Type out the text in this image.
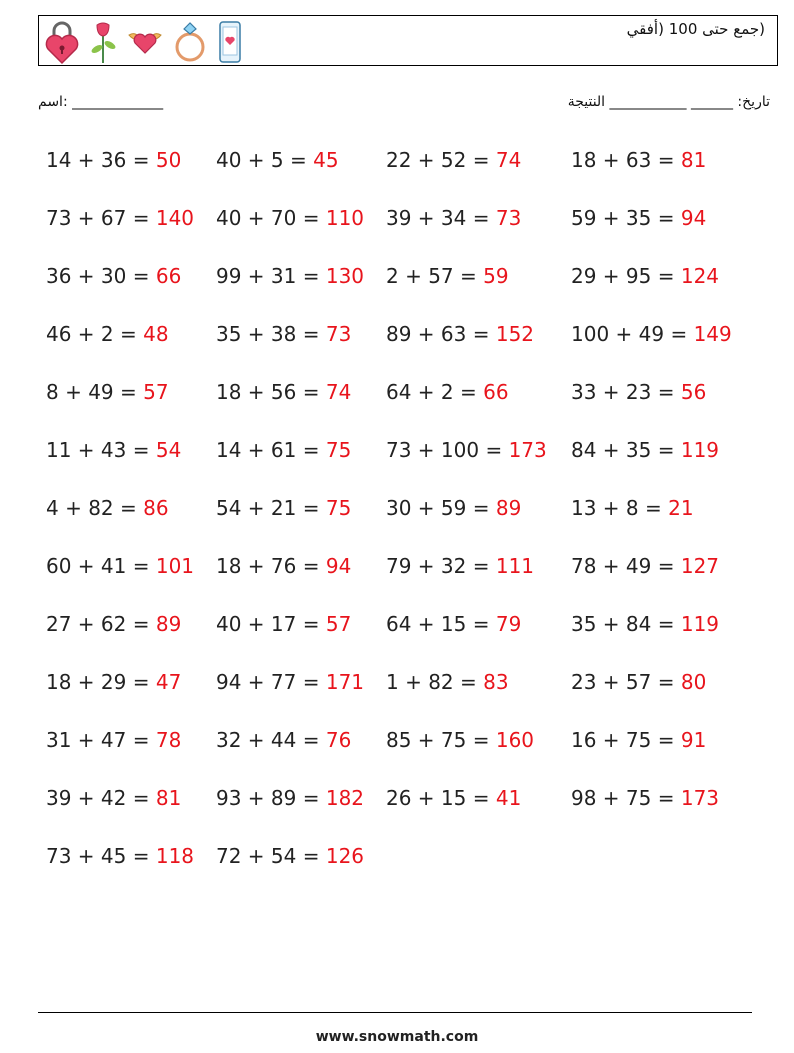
(جمع حتى 100 (أفقي
اسم: _____________	تاريخ: ______ ___________ النتيجة
14 + 36 = 50 40 + 5 = 45 22 + 52 = 74 18 + 63 = 81
73 + 67 = 140 40 + 70 = 110 39 + 34 = 73 59 + 35 = 94
36 + 30 = 66 99 + 31 = 130 2 + 57 = 59	29 + 95 = 124
46 + 2 = 48 35 + 38 = 73 89 + 63 = 152 100 + 49 = 149
8 + 49 = 57 18 + 56 = 74 64 + 2 = 66	33 + 23 = 56
11 + 43 = 54 14 + 61 = 75 73 + 100 = 173 84 + 35 = 119
4 + 82 = 86 54 + 21 = 75 30 + 59 = 89 13 + 8 = 21
60 + 41 = 101 18 + 76 = 94 79 + 32 = 111 78 + 49 = 127
27 + 62 = 89 40 + 17 = 57 64 + 15 = 79 35 + 84 = 119
18 + 29 = 47 94 + 77 = 171 1 + 82 = 83	23 + 57 = 80
31 + 47 = 78 32 + 44 = 76 85 + 75 = 160 16 + 75 = 91
39 + 42 = 81 93 + 89 = 182 26 + 15 = 41 98 + 75 = 173
73 + 45 = 118 72 + 54 = 126
www.snowmath.com
